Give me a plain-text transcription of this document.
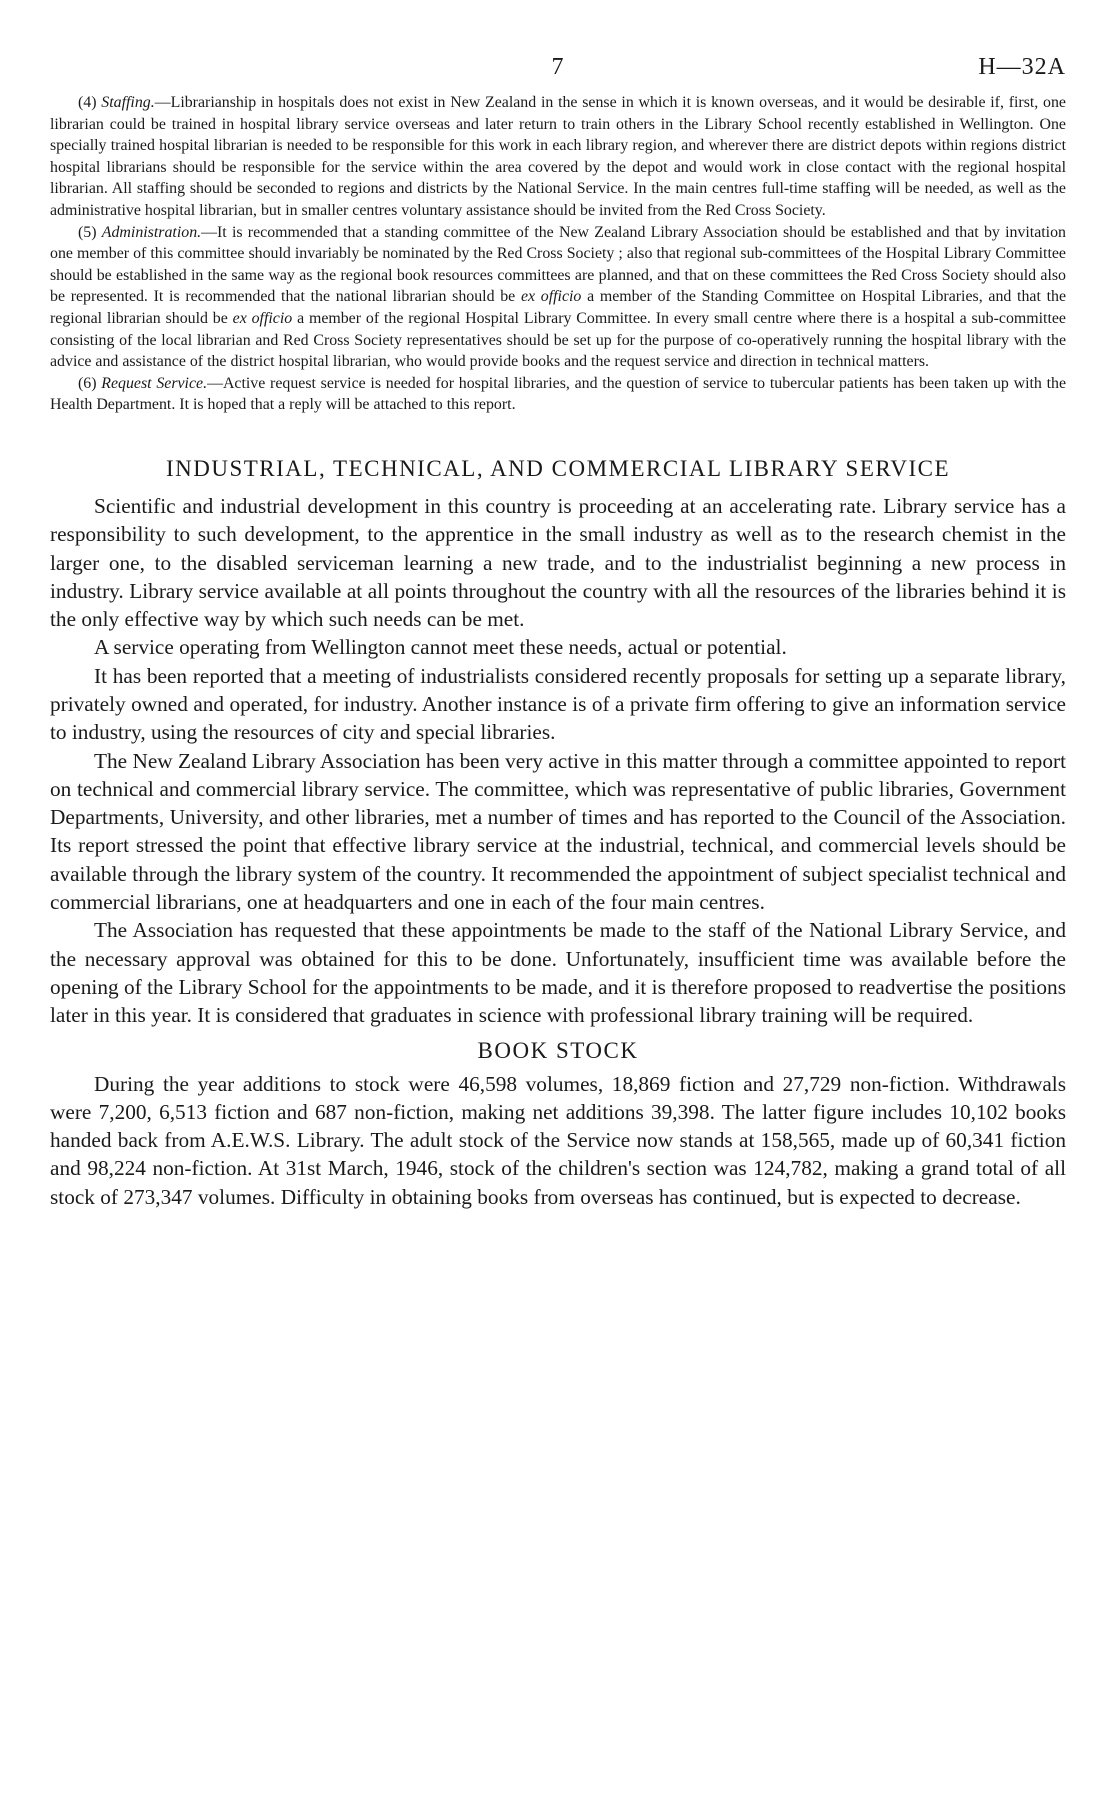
7	H—32A

(4) Staffing.—Librarianship in hospitals does not exist in New Zealand in the sense in which it is known overseas, and it would be desirable if, first, one librarian could be trained in hospital library service overseas and later return to train others in the Library School recently established in Wellington. One specially trained hospital librarian is needed to be responsible for this work in each library region, and wherever there are district depots within regions district hospital librarians should be responsible for the service within the area covered by the depot and would work in close contact with the regional hospital librarian. All staffing should be seconded to regions and districts by the National Service. In the main centres full-time staffing will be needed, as well as the administrative hospital librarian, but in smaller centres voluntary assistance should be invited from the Red Cross Society.

(5) Administration.—It is recommended that a standing committee of the New Zealand Library Association should be established and that by invitation one member of this committee should invariably be nominated by the Red Cross Society ; also that regional sub-committees of the Hospital Library Committee should be established in the same way as the regional book resources committees are planned, and that on these committees the Red Cross Society should also be represented. It is recommended that the national librarian should be ex officio a member of the Standing Committee on Hospital Libraries, and that the regional librarian should be ex officio a member of the regional Hospital Library Committee. In every small centre where there is a hospital a sub-committee consisting of the local librarian and Red Cross Society representatives should be set up for the purpose of co-operatively running the hospital library with the advice and assistance of the district hospital librarian, who would provide books and the request service and direction in technical matters.

(6) Request Service.—Active request service is needed for hospital libraries, and the question of service to tubercular patients has been taken up with the Health Department. It is hoped that a reply will be attached to this report.

INDUSTRIAL, TECHNICAL, AND COMMERCIAL LIBRARY SERVICE

Scientific and industrial development in this country is proceeding at an accelerating rate. Library service has a responsibility to such development, to the apprentice in the small industry as well as to the research chemist in the larger one, to the disabled serviceman learning a new trade, and to the industrialist beginning a new process in industry. Library service available at all points throughout the country with all the resources of the libraries behind it is the only effective way by which such needs can be met.

A service operating from Wellington cannot meet these needs, actual or potential.

It has been reported that a meeting of industrialists considered recently proposals for setting up a separate library, privately owned and operated, for industry. Another instance is of a private firm offering to give an information service to industry, using the resources of city and special libraries.

The New Zealand Library Association has been very active in this matter through a committee appointed to report on technical and commercial library service. The committee, which was representative of public libraries, Government Departments, University, and other libraries, met a number of times and has reported to the Council of the Association. Its report stressed the point that effective library service at the industrial, technical, and commercial levels should be available through the library system of the country. It recommended the appointment of subject specialist technical and commercial librarians, one at headquarters and one in each of the four main centres.

The Association has requested that these appointments be made to the staff of the National Library Service, and the necessary approval was obtained for this to be done. Unfortunately, insufficient time was available before the opening of the Library School for the appointments to be made, and it is therefore proposed to readvertise the positions later in this year. It is considered that graduates in science with professional library training will be required.

BOOK STOCK

During the year additions to stock were 46,598 volumes, 18,869 fiction and 27,729 non-fiction. Withdrawals were 7,200, 6,513 fiction and 687 non-fiction, making net additions 39,398. The latter figure includes 10,102 books handed back from A.E.W.S. Library. The adult stock of the Service now stands at 158,565, made up of 60,341 fiction and 98,224 non-fiction. At 31st March, 1946, stock of the children's section was 124,782, making a grand total of all stock of 273,347 volumes. Difficulty in obtaining books from overseas has continued, but is expected to decrease.
